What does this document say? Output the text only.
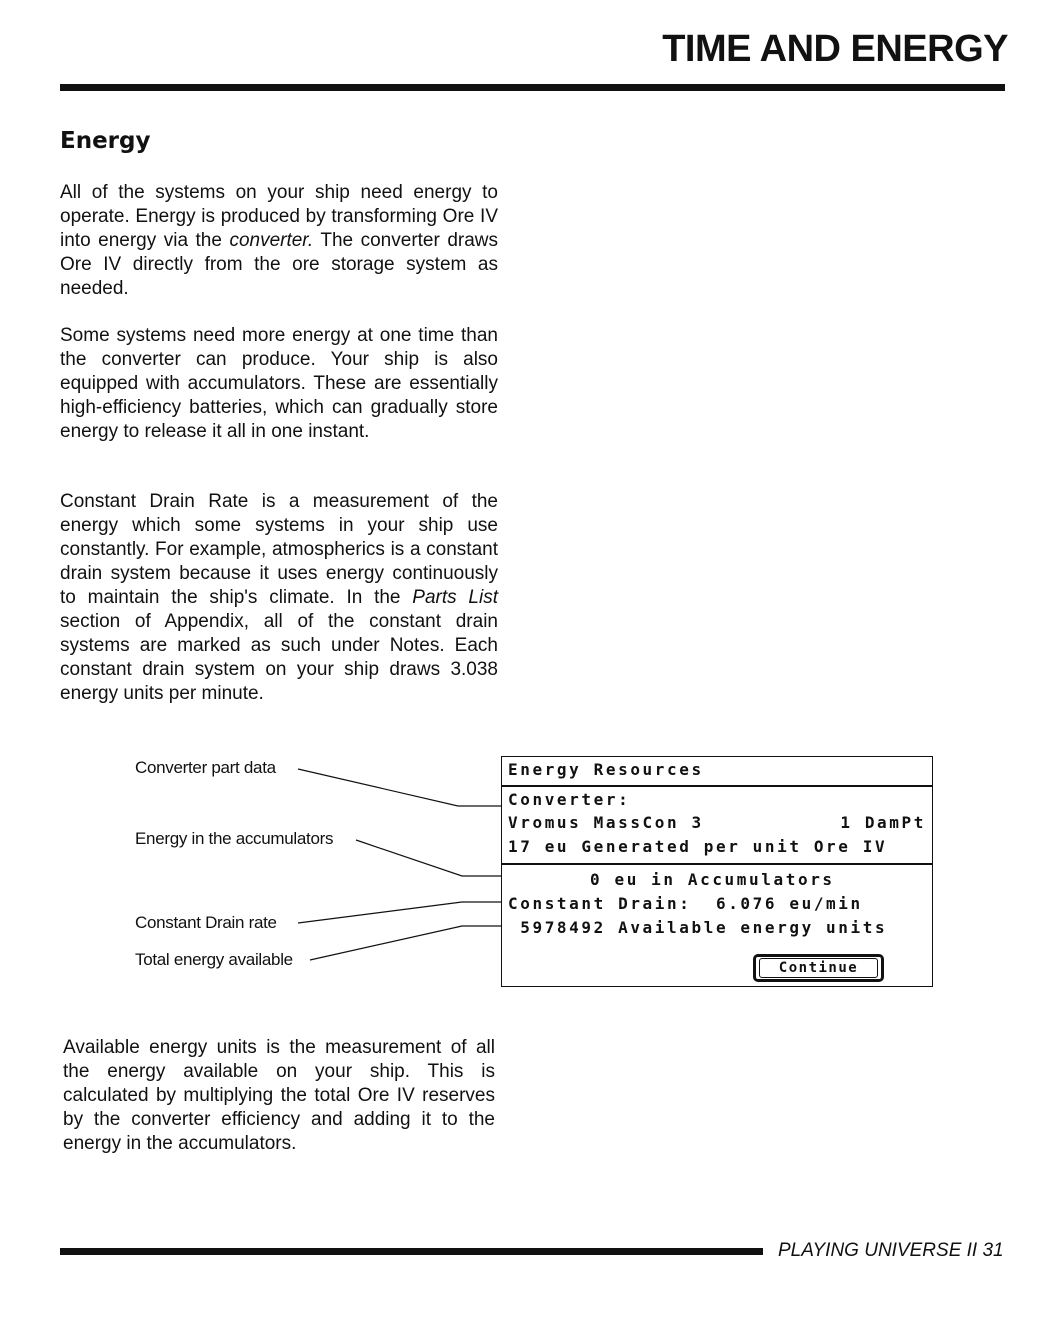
TIME AND ENERGY
Energy

All of the systems on your ship need energy to operate. Energy is produced by transforming Ore IV into energy via the converter. The converter draws Ore IV directly from the ore storage system as needed.

Some systems need more energy at one time than the converter can produce. Your ship is also equipped with accumulators. These are essentially high-efficiency batteries, which can gradually store energy to release it all in one instant.

Constant Drain Rate is a measurement of the energy which some systems in your ship use constantly. For example, atmospherics is a constant drain system because it uses energy continuously to maintain the ship's climate. In the Parts List section of Appendix, all of the constant drain systems are marked as such under Notes. Each constant drain system on your ship draws 3.038 energy units per minute.

Converter part data
Energy in the accumulators
Constant Drain rate
Total energy available
Energy Resources
Converter:
Vromus MassCon 3	1 DamPt
17 eu Generated per unit Ore IV
0 eu in Accumulators
Constant Drain:  6.076 eu/min
5978492 Available energy units
Continue

Available energy units is the measurement of all the energy available on your ship. This is calculated by multiplying the total Ore IV reserves by the converter efficiency and adding it to the energy in the accumulators.

PLAYING UNIVERSE II 31
